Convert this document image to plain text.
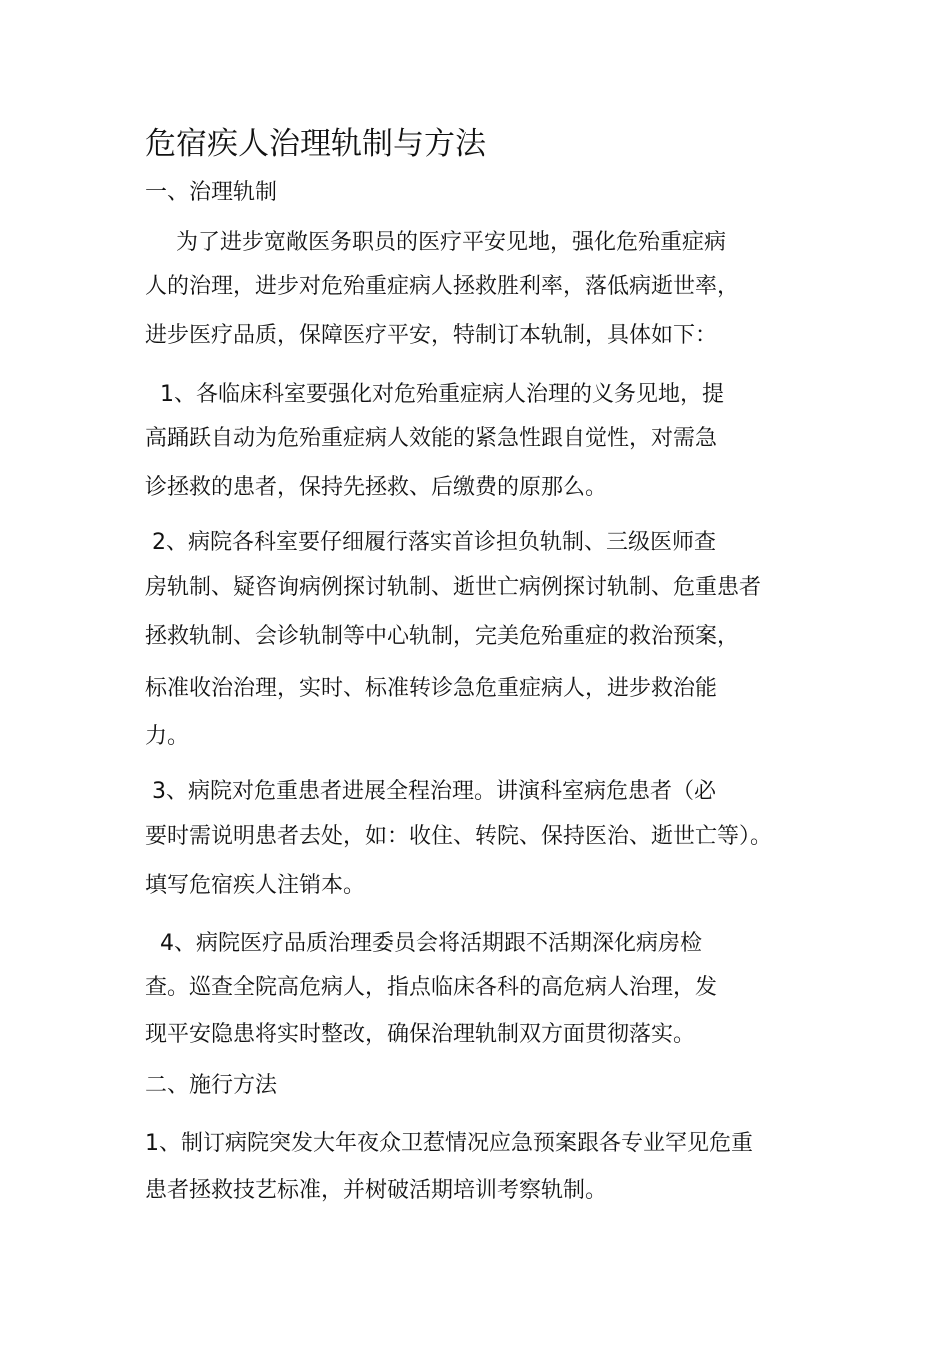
危宿疾人治理轨制与方法
一、治理轨制
为了进步宽敞医务职员的医疗平安见地，强化危殆重症病
人的治理，进步对危殆重症病人拯救胜利率，落低病逝世率，
进步医疗品质，保障医疗平安，特制订本轨制，具体如下：
1、各临床科室要强化对危殆重症病人治理的义务见地，提
高踊跃自动为危殆重症病人效能的紧急性跟自觉性，对需急
诊拯救的患者，保持先拯救、后缴费的原那么。
2、病院各科室要仔细履行落实首诊担负轨制、三级医师查
房轨制、疑咨询病例探讨轨制、逝世亡病例探讨轨制、危重患者
拯救轨制、会诊轨制等中心轨制，完美危殆重症的救治预案，
标准收治治理，实时、标准转诊急危重症病人，进步救治能
力。
3、病院对危重患者进展全程治理。讲演科室病危患者（必
要时需说明患者去处，如：收住、转院、保持医治、逝世亡等）。
填写危宿疾人注销本。
4、病院医疗品质治理委员会将活期跟不活期深化病房检
查。巡查全院高危病人，指点临床各科的高危病人治理，发
现平安隐患将实时整改，确保治理轨制双方面贯彻落实。
二、施行方法
1、制订病院突发大年夜众卫惹情况应急预案跟各专业罕见危重
患者拯救技艺标准，并树破活期培训考察轨制。
